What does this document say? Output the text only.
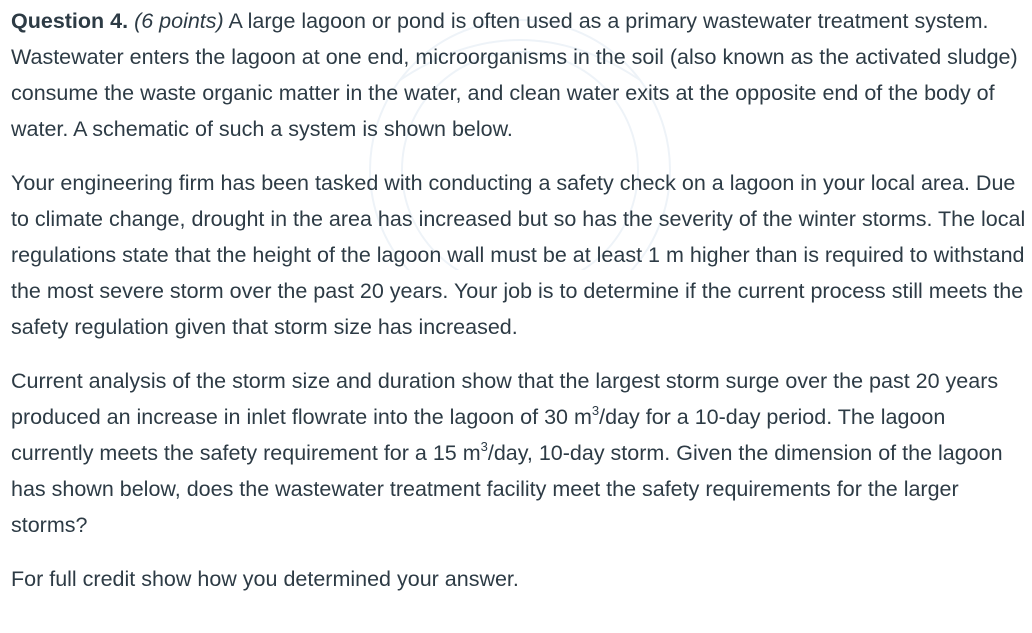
Question 4. (6 points) A large lagoon or pond is often used as a primary wastewater treatment system. Wastewater enters the lagoon at one end, microorganisms in the soil (also known as the activated sludge) consume the waste organic matter in the water, and clean water exits at the opposite end of the body of water. A schematic of such a system is shown below.

Your engineering firm has been tasked with conducting a safety check on a lagoon in your local area. Due to climate change, drought in the area has increased but so has the severity of the winter storms. The local regulations state that the height of the lagoon wall must be at least 1 m higher than is required to withstand the most severe storm over the past 20 years. Your job is to determine if the current process still meets the safety regulation given that storm size has increased.

Current analysis of the storm size and duration show that the largest storm surge over the past 20 years produced an increase in inlet flowrate into the lagoon of 30 $m^3$/day for a 10-day period. The lagoon currently meets the safety requirement for a 15 $m^3$/day, 10-day storm. Given the dimension of the lagoon has shown below, does the wastewater treatment facility meet the safety requirements for the larger storms?

For full credit show how you determined your answer.
